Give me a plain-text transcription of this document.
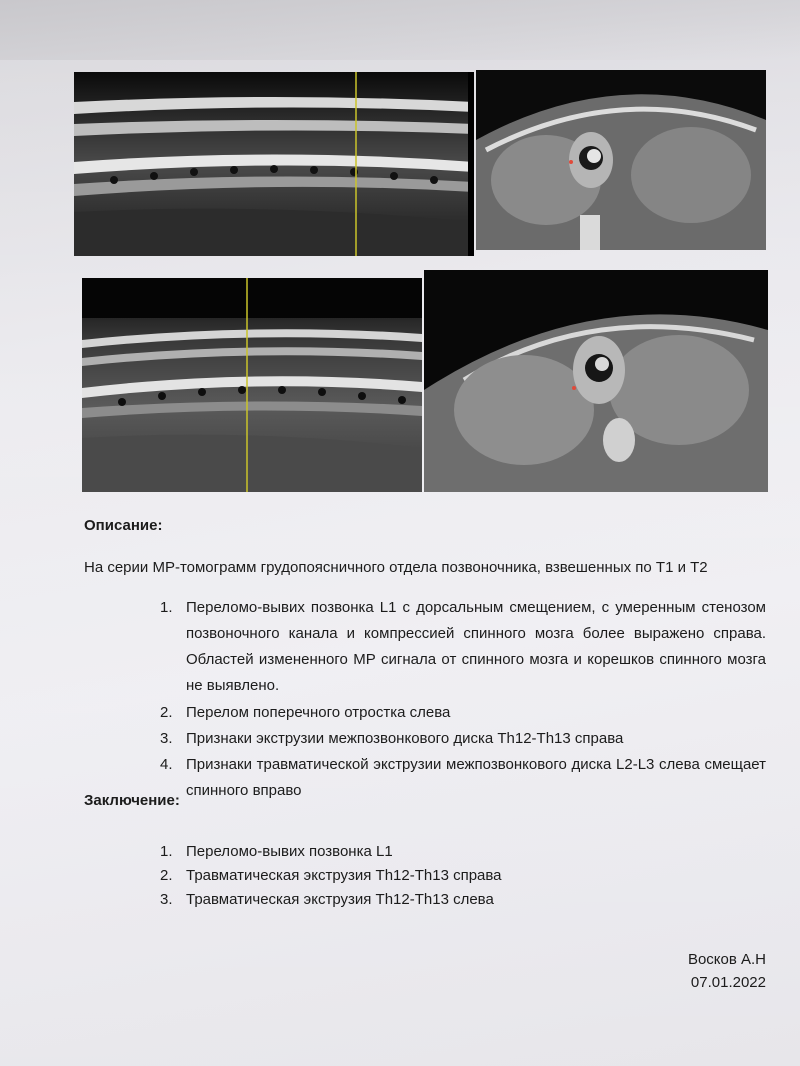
Описание:
На серии МР-томограмм грудопоясничного отдела позвоночника, взвешенных по Т1 и Т2
1. Переломо-вывих позвонка L1 с дорсальным смещением, с умеренным стенозом позвоночного канала и компрессией спинного мозга более выражено справа. Областей измененного МР сигнала от спинного мозга и корешков спинного мозга не выявлено.
2. Перелом поперечного отростка слева
3. Признаки экструзии межпозвонкового диска Th12-Th13 справа
4. Признаки травматической экструзии межпозвонкового диска L2-L3 слева смещает спинного вправо
Заключение:
1. Переломо-вывих позвонка L1
2. Травматическая экструзия Th12-Th13 справа
3. Травматическая экструзия Th12-Th13 слева
Восков А.Н
07.01.2022
